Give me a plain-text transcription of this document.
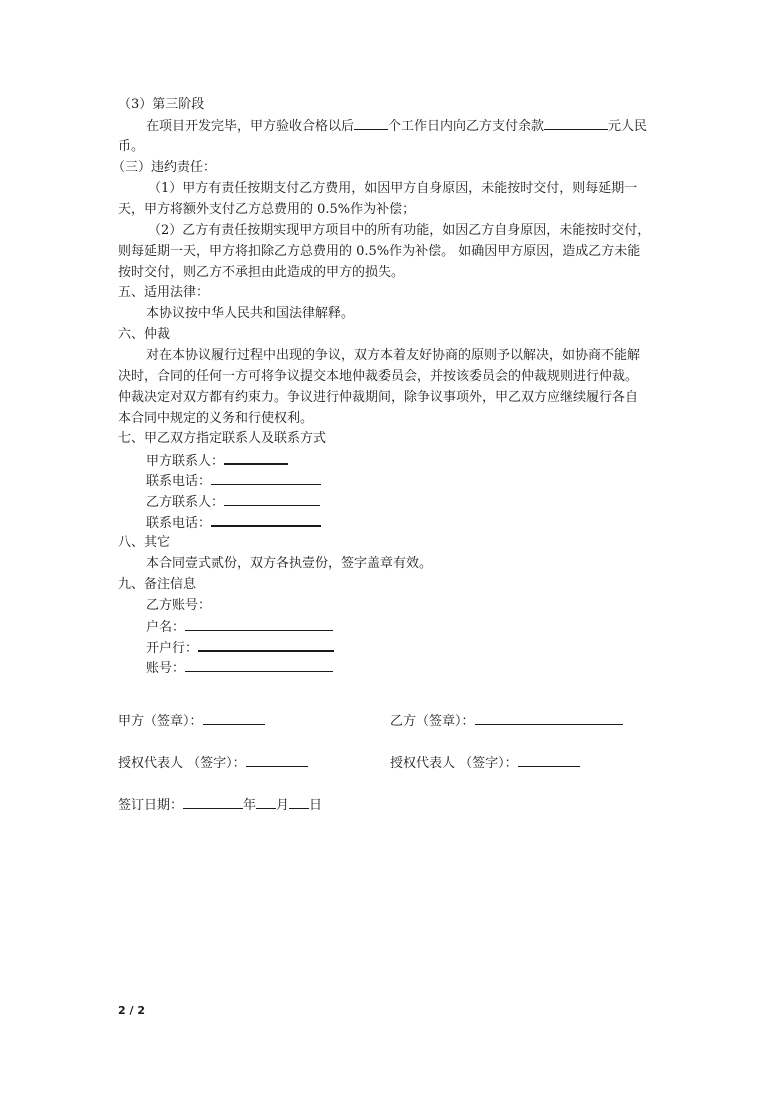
（3）第三阶段
在项目开发完毕，甲方验收合格以后	个工作日内向乙方支付余款	元人民
币。
（三）违约责任：
（1）甲方有责任按期支付乙方费用，如因甲方自身原因，未能按时交付，则每延期一
天，甲方将额外支付乙方总费用的 0.5%作为补偿；
（2）乙方有责任按期实现甲方项目中的所有功能，如因乙方自身原因，未能按时交付，
则每延期一天，甲方将扣除乙方总费用的 0.5%作为补偿。 如确因甲方原因，造成乙方未能
按时交付，则乙方不承担由此造成的甲方的损失。
五、适用法律：
本协议按中华人民共和国法律解释。
六、仲裁
对在本协议履行过程中出现的争议，双方本着友好协商的原则予以解决，如协商不能解
决时，合同的任何一方可将争议提交本地仲裁委员会，并按该委员会的仲裁规则进行仲裁。
仲裁决定对双方都有约束力。争议进行仲裁期间，除争议事项外，甲乙双方应继续履行各自
本合同中规定的义务和行使权利。
七、甲乙双方指定联系人及联系方式
甲方联系人：
联系电话：
乙方联系人：
联系电话：
八、其它
本合同壹式贰份，双方各执壹份，签字盖章有效。
九、备注信息
乙方账号：
户名：
开户行：
账号：
甲方（签章）：	乙方（签章）：
授权代表人 （签字）：	授权代表人 （签字）：
签订日期：	年 月 日
2 / 2
